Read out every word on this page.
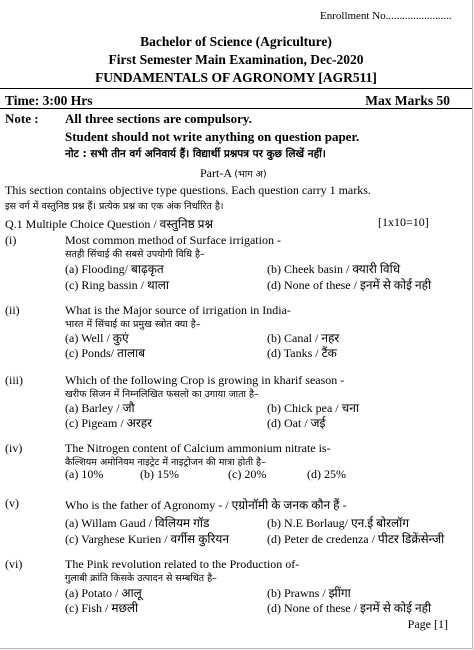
Enrollment No........................
Bachelor of Science (Agriculture)
First Semester Main Examination, Dec-2020
FUNDAMENTALS OF AGRONOMY [AGR511]
Time: 3:00 Hrs	Max Marks 50
Note : All three sections are compulsory.
Student should not write anything on question paper.
नोट : सभी तीन वर्ग अनिवार्य हैं। विद्यार्थी प्रश्नपत्र पर कुछ लिखें नहीं।
Part-A (भाग अ)
This section contains objective type questions. Each question carry 1 marks.
इस वर्ग में वस्तुनिष्ठ प्रश्न हैं। प्रत्येक प्रश्न का एक अंक निर्धारित है।
Q.1 Multiple Choice Question / वस्तुनिष्ठ प्रश्न	[1x10=10]
(i)	Most common method of Surface irrigation -
सतही सिंचाई की सबसे उपयोगी विधि है–
(a) Flooding/ बाढ़कृत	(b) Cheek basin / क्यारी विधि
(c) Ring bassin / थाला	(d) None of these / इनमें से कोई नही
(ii)	What is the Major source of irrigation in India-
भारत में सिंचाई का प्रमुख स्त्रोत क्या है–
(a) Well / कुएं	(b) Canal / नहर
(c) Ponds/ तालाब	(d) Tanks / टैंक
(iii)	Which of the following Crop is growing in kharif season -
खरीफ सिजन में निम्नलिखित फसलो का उगाया जाता है–
(a) Barley / जौ	(b) Chick pea / चना
(c) Pigeam / अरहर	(d) Oat / जई
(iv)	The Nitrogen content of Calcium ammonium nitrate is-
कैल्शियम अमोनियम नाइट्रेट में नाइट्रोजन की मात्रा होती है–
(a) 10%	(b) 15%	(c) 20%	(d) 25%
(v)	Who is the father of Agronomy - / एग्रोनॉमी के जनक कौन हैं -
(a) Willam Gaud / विलियम गॉड	(b) N.E Borlaug/ एन.ई बोरलॉग
(c) Varghese Kurien / वर्गीस कुरियन	(d) Peter de credenza / पीटर डिक्रेंसेन्जी
(vi)	The Pink revolution related to the Production of-
गुलाबी क्रांति किसके उत्पादन से सम्बधित है–
(a) Potato / आलू	(b) Prawns / झींगा
(c) Fish / मछली	(d) None of these / इनमें से कोई नही
Page [1]
